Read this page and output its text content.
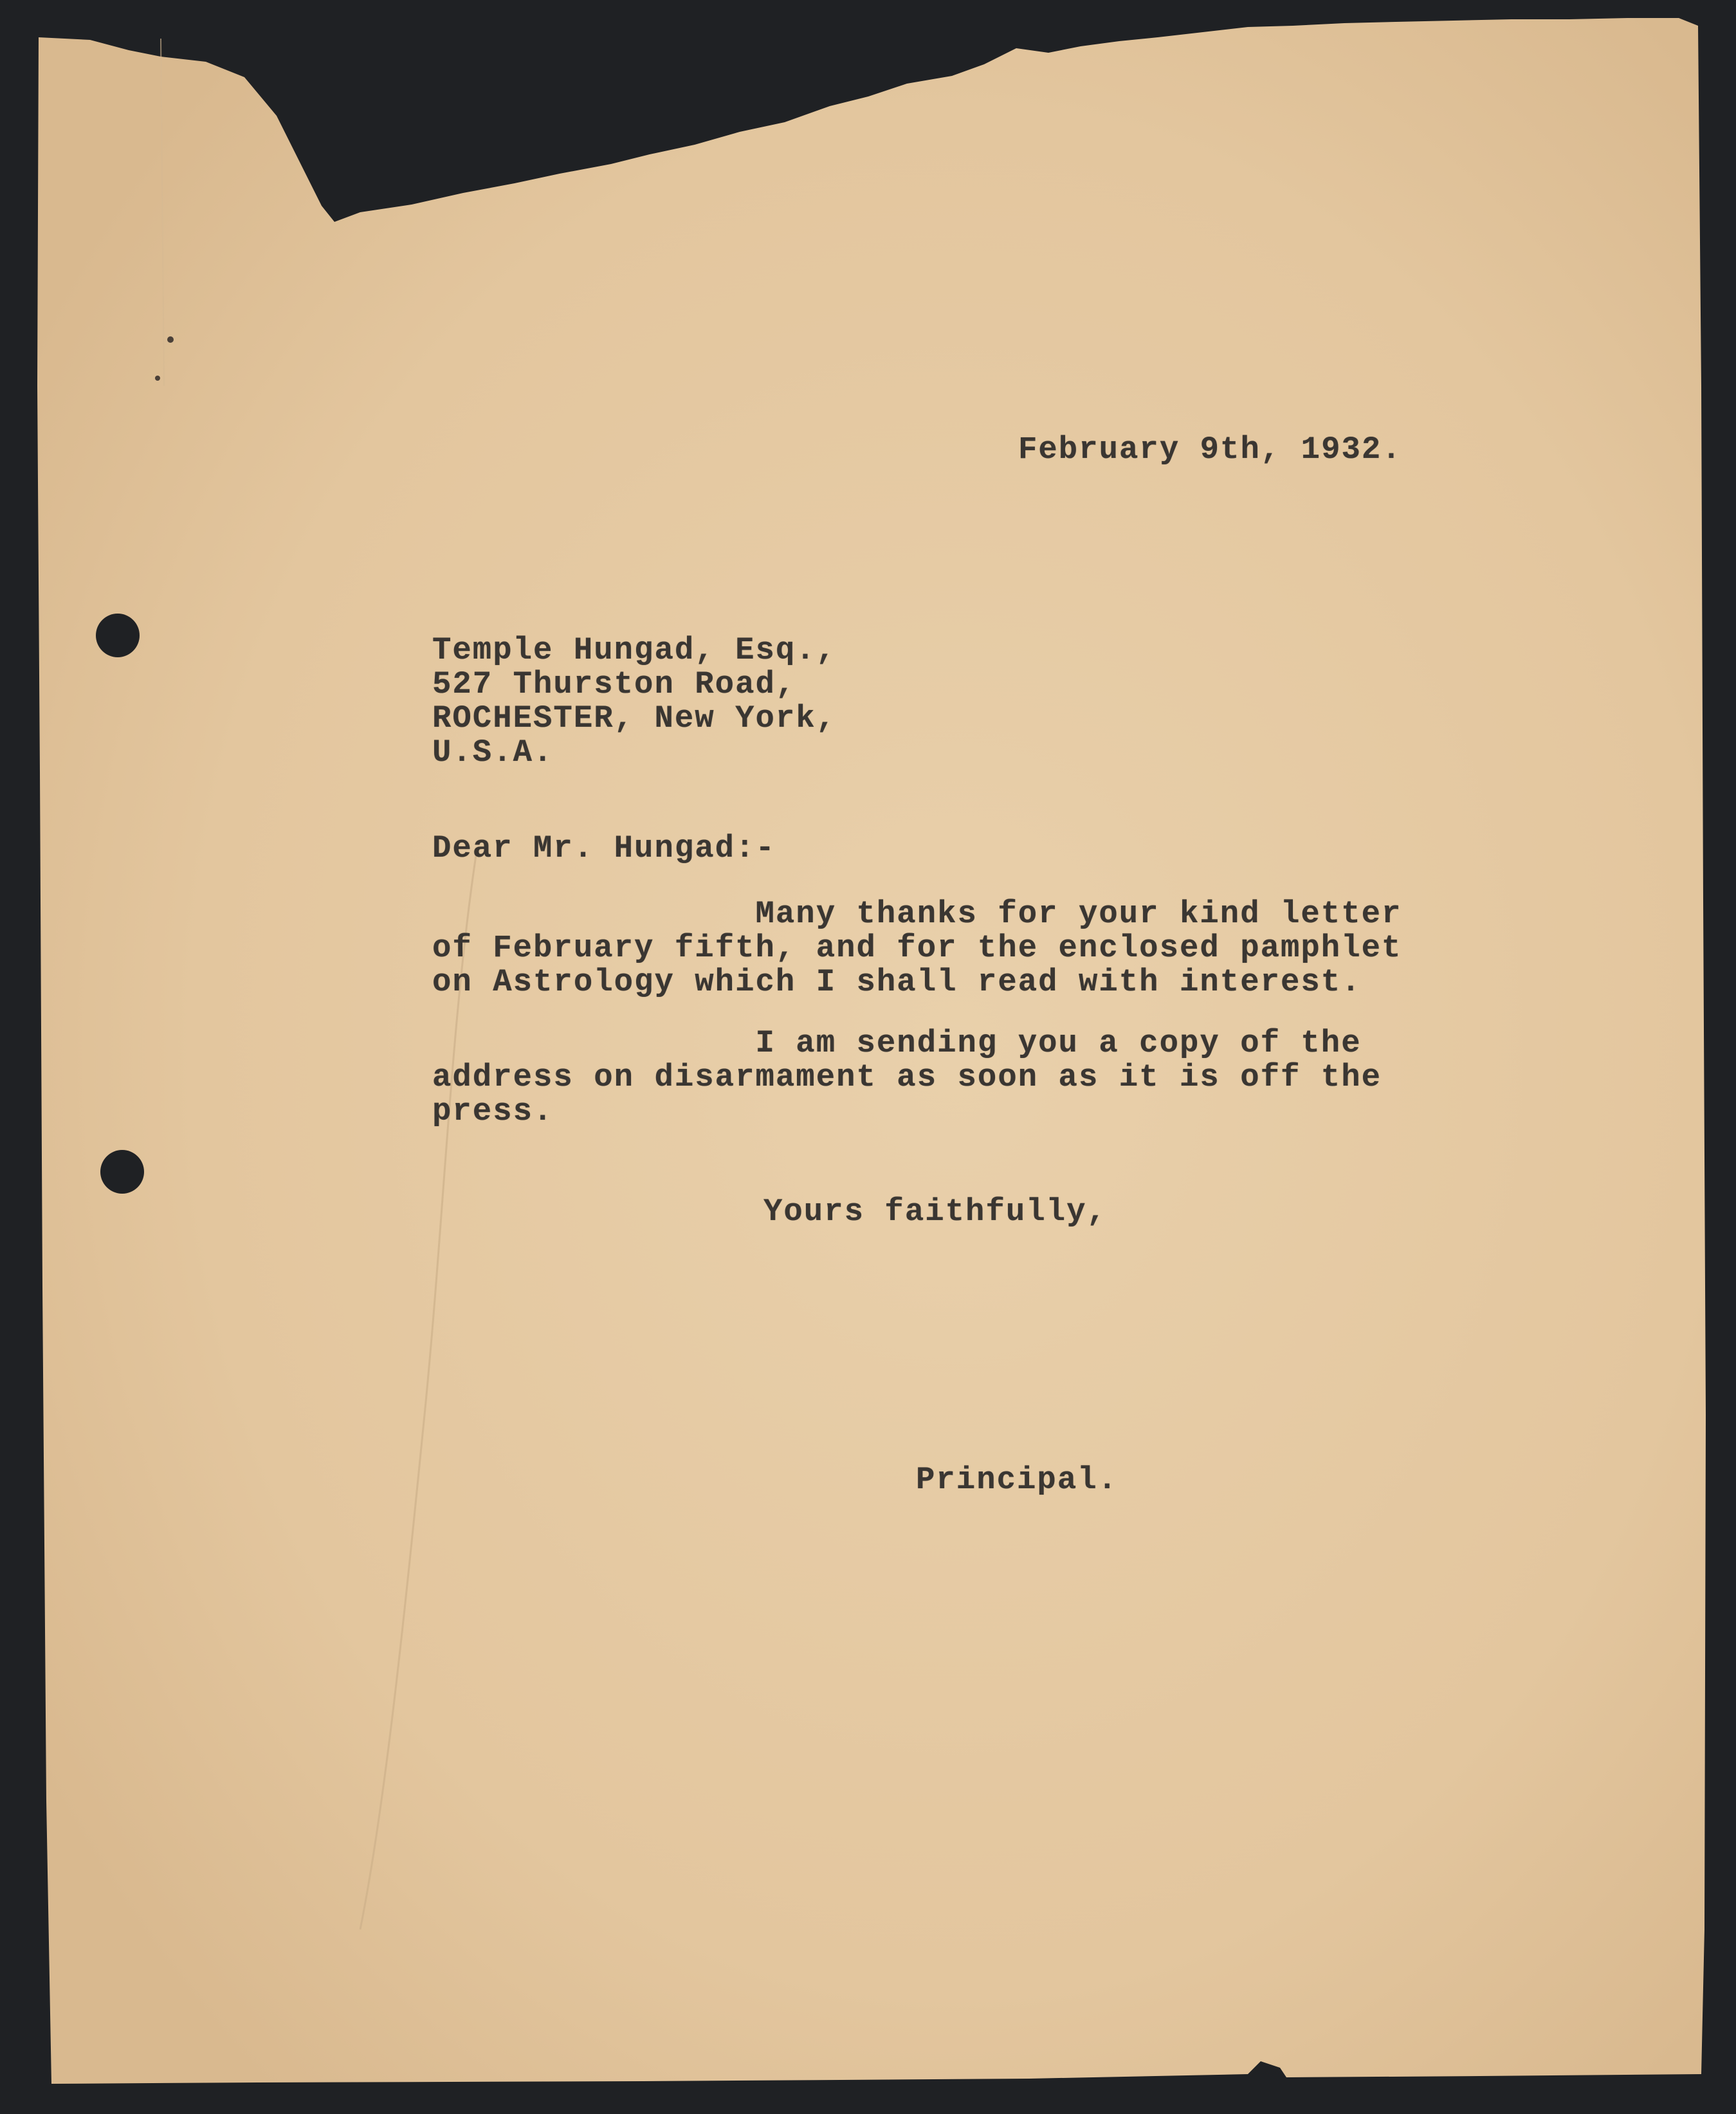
February 9th, 1932.

Temple Hungad, Esq.,
527 Thurston Road,
ROCHESTER, New York,
U.S.A.

Dear Mr. Hungad:-

Many thanks for your kind letter
of February fifth, and for the enclosed pamphlet
on Astrology which I shall read with interest.

I am sending you a copy of the
address on disarmament as soon as it is off the
press.

Yours faithfully,

Principal.
